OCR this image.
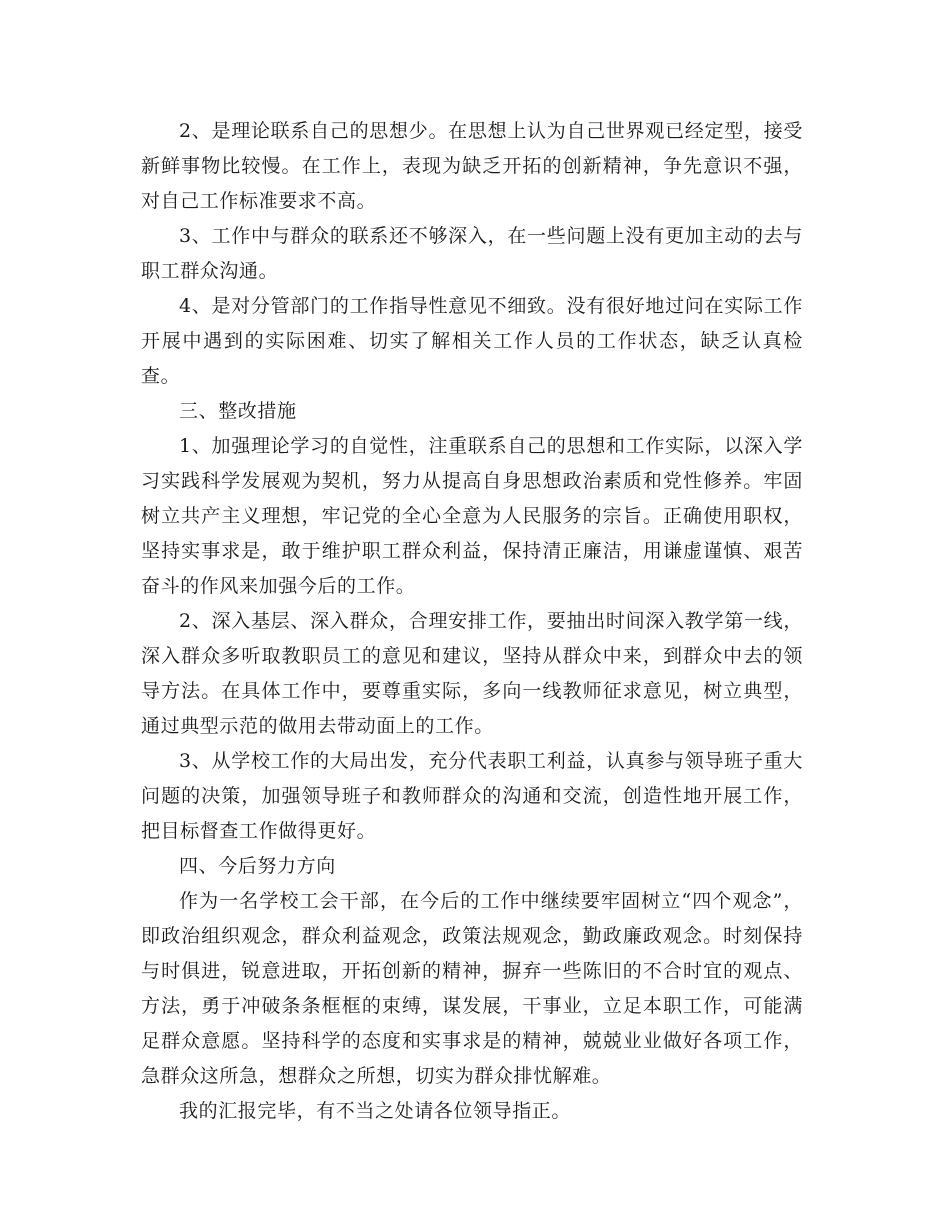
2、是理论联系自己的思想少。在思想上认为自己世界观已经定型，接受新鲜事物比较慢。在工作上，表现为缺乏开拓的创新精神，争先意识不强，对自己工作标准要求不高。

3、工作中与群众的联系还不够深入，在一些问题上没有更加主动的去与职工群众沟通。

4、是对分管部门的工作指导性意见不细致。没有很好地过问在实际工作开展中遇到的实际困难、切实了解相关工作人员的工作状态，缺乏认真检查。

三、整改措施

1、加强理论学习的自觉性，注重联系自己的思想和工作实际，以深入学习实践科学发展观为契机，努力从提高自身思想政治素质和党性修养。牢固树立共产主义理想，牢记党的全心全意为人民服务的宗旨。正确使用职权，坚持实事求是，敢于维护职工群众利益，保持清正廉洁，用谦虚谨慎、艰苦奋斗的作风来加强今后的工作。

2、深入基层、深入群众，合理安排工作，要抽出时间深入教学第一线，深入群众多听取教职员工的意见和建议，坚持从群众中来，到群众中去的领导方法。在具体工作中，要尊重实际，多向一线教师征求意见，树立典型，通过典型示范的做用去带动面上的工作。

3、从学校工作的大局出发，充分代表职工利益，认真参与领导班子重大问题的决策，加强领导班子和教师群众的沟通和交流，创造性地开展工作，把目标督查工作做得更好。

四、今后努力方向

作为一名学校工会干部，在今后的工作中继续要牢固树立“四个观念”，即政治组织观念，群众利益观念，政策法规观念，勤政廉政观念。时刻保持与时俱进，锐意进取，开拓创新的精神，摒弃一些陈旧的不合时宜的观点、方法，勇于冲破条条框框的束缚，谋发展，干事业，立足本职工作，可能满足群众意愿。坚持科学的态度和实事求是的精神，兢兢业业做好各项工作，急群众这所急，想群众之所想，切实为群众排忧解难。

我的汇报完毕，有不当之处请各位领导指正。
